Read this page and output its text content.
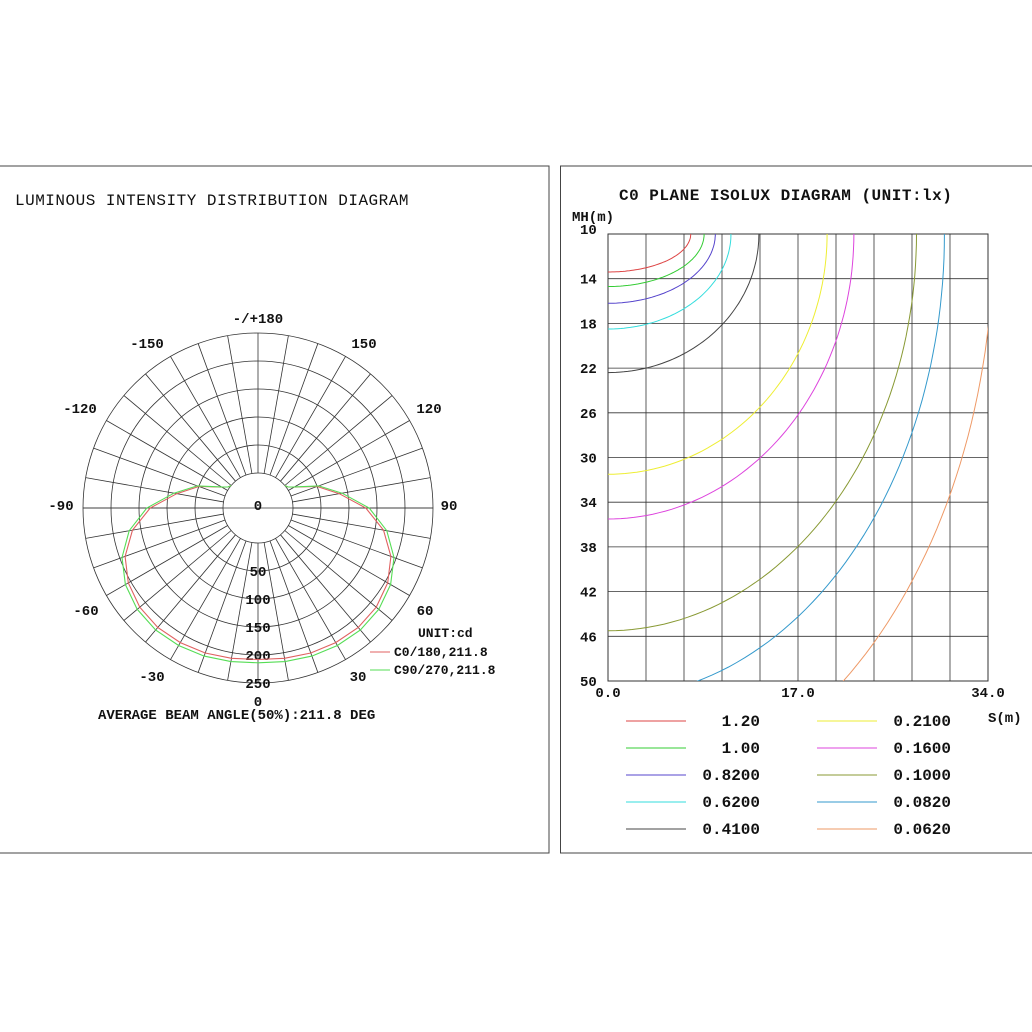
LUMINOUS INTENSITY DISTRIBUTION DIAGRAM
-/+180
150
120
90
60
30
0
-30
-60
-90
-120
-150
0
50
100
150
200
250
UNIT:cd
C0/180,211.8
C90/270,211.8
AVERAGE BEAM ANGLE(50%):211.8 DEG
C0 PLANE ISOLUX DIAGRAM (UNIT:lx)
MH(m)
S(m)
10
14
18
22
26
30
34
38
42
46
50
0.0	17.0	34.0
1.20
1.00
0.8200
0.6200
0.4100
0.2100
0.1600
0.1000
0.0820
0.0620
